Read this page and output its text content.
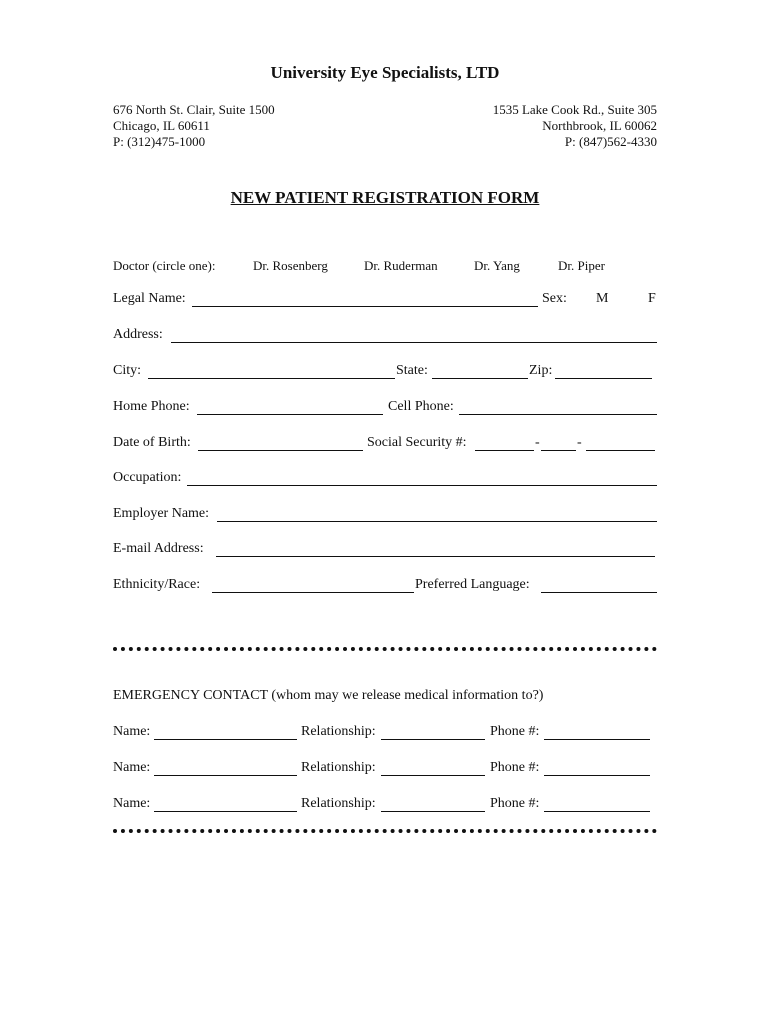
University Eye Specialists, LTD
676 North St. Clair, Suite 1500
Chicago, IL 60611
P: (312)475-1000
1535 Lake Cook Rd., Suite 305
Northbrook, IL 60062
P: (847)562-4330
NEW PATIENT REGISTRATION FORM
Doctor (circle one):	Dr. Rosenberg	Dr. Ruderman	Dr. Yang	Dr. Piper
Legal Name:	Sex: M	F
Address:
City:	State:	Zip:
Home Phone:	Cell Phone:
Date of Birth:	Social Security #:	-	-
Occupation:
Employer Name:
E-mail Address:
Ethnicity/Race:	Preferred Language:
EMERGENCY CONTACT (whom may we release medical information to?)
Name:	Relationship:	Phone #:
Name:	Relationship:	Phone #:
Name:	Relationship:	Phone #:
